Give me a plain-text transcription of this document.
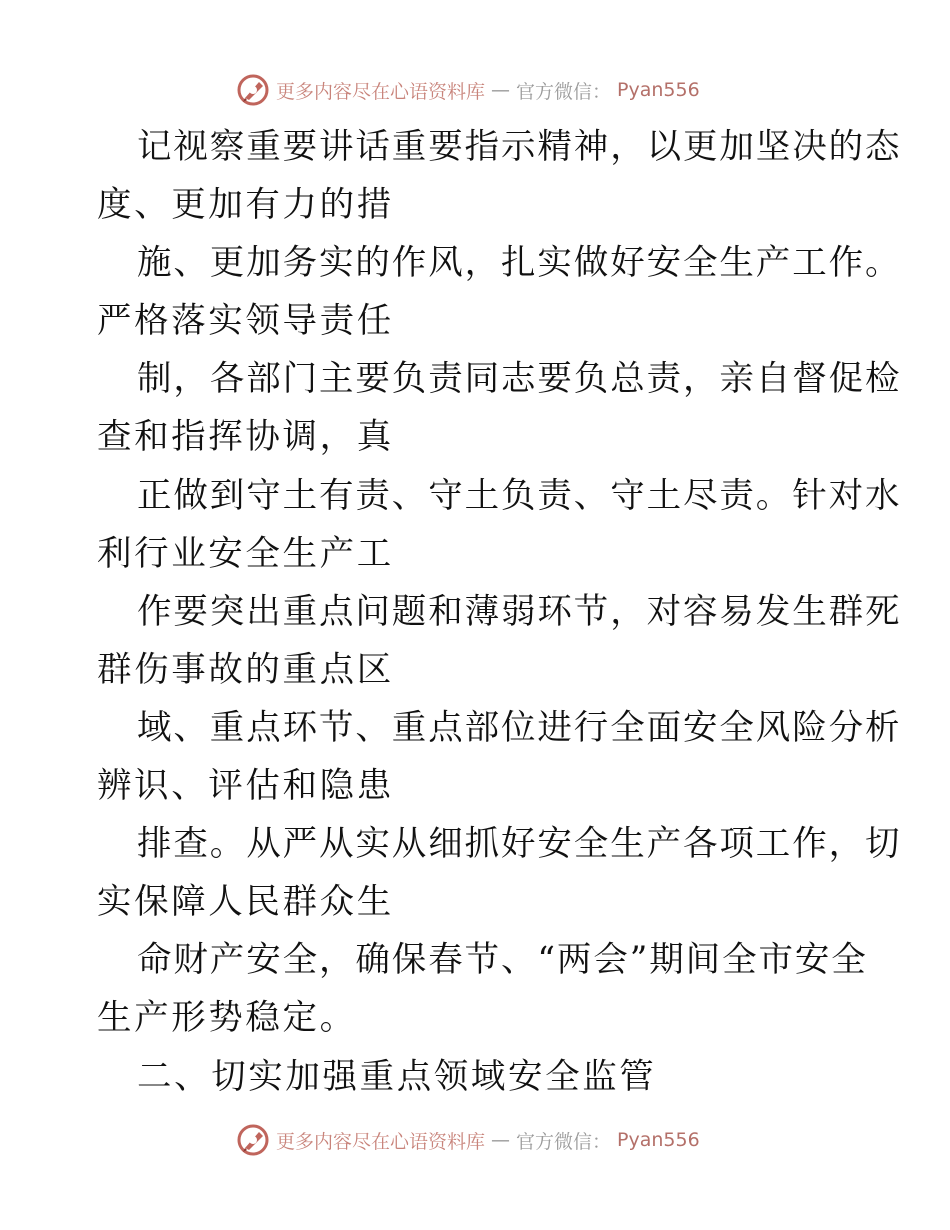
更多内容尽在心语资料库 — 官方微信： Pyan556
记视察重要讲话重要指示精神，以更加坚决的态
度、更加有力的措
施、更加务实的作风，扎实做好安全生产工作。
严格落实领导责任
制，各部门主要负责同志要负总责，亲自督促检
查和指挥协调，真
正做到守土有责、守土负责、守土尽责。针对水
利行业安全生产工
作要突出重点问题和薄弱环节，对容易发生群死
群伤事故的重点区
域、重点环节、重点部位进行全面安全风险分析
辨识、评估和隐患
排查。从严从实从细抓好安全生产各项工作，切
实保障人民群众生
命财产安全，确保春节、“两会”期间全市安全
生产形势稳定。
二、切实加强重点领域安全监管
更多内容尽在心语资料库 — 官方微信： Pyan556
